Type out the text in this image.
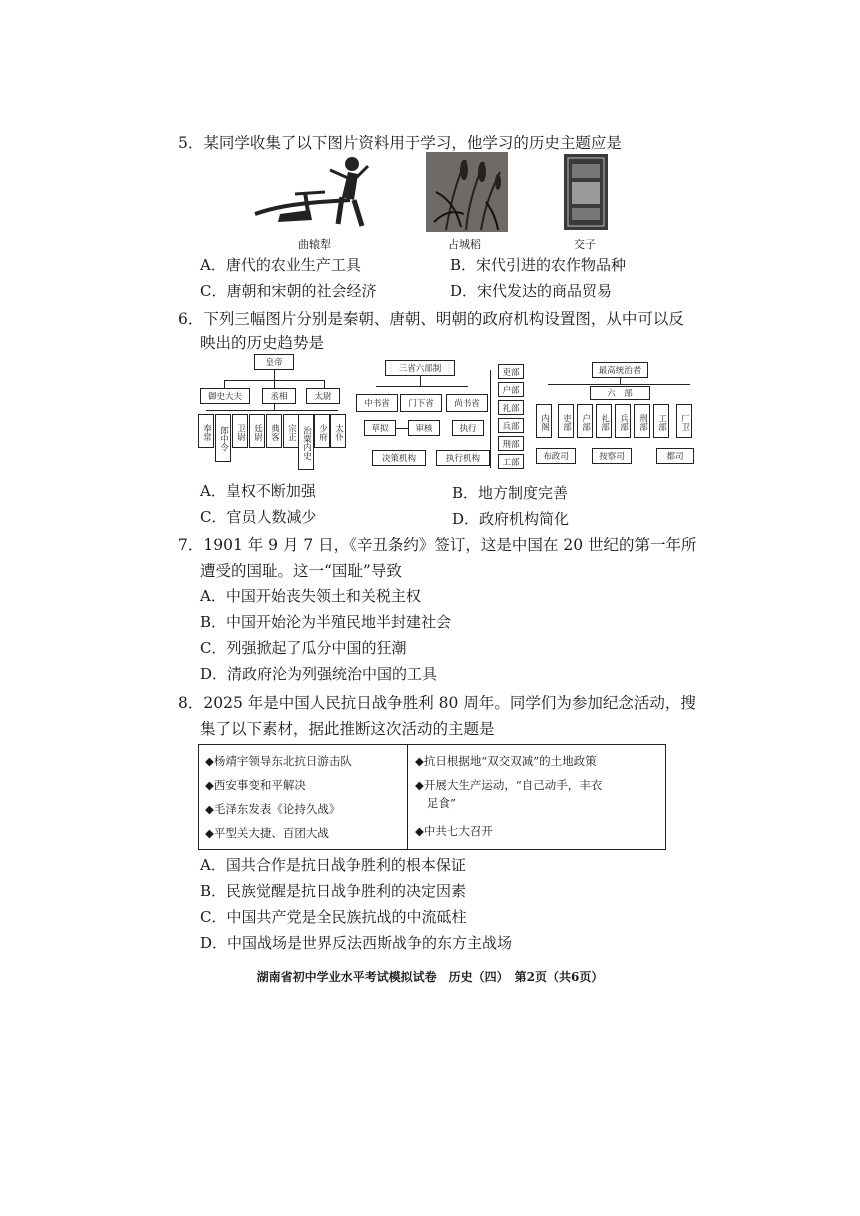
5．某同学收集了以下图片资料用于学习，他学习的历史主题应是
曲辕犁	占城稻	交子
A．唐代的农业生产工具	B．宋代引进的农作物品种
C．唐朝和宋朝的社会经济	D．宋代发达的商品贸易
6．下列三幅图片分别是秦朝、唐朝、明朝的政府机构设置图，从中可以反
映出的历史趋势是
皇帝
御史大夫	丞相	太尉
奉常 郎中令 卫尉 廷尉 典客 宗正 治粟内史 少府 太仆
三省六部制
中书省	门下省	尚书省
草拟	审核	执行
决策机构	执行机构
吏部
户部
礼部
兵部
刑部
工部
最高统治者
六　部
内阁	吏部	户部	礼部	兵部	刑部	工部	厂卫
布政司	按察司	都司
A．皇权不断加强	B．地方制度完善
C．官员人数减少	D．政府机构简化
7．1901 年 9 月 7 日，《辛丑条约》签订，这是中国在 20 世纪的第一年所
遭受的国耻。这一“国耻”导致
A．中国开始丧失领土和关税主权
B．中国开始沦为半殖民地半封建社会
C．列强掀起了瓜分中国的狂潮
D．清政府沦为列强统治中国的工具
8．2025 年是中国人民抗日战争胜利 80 周年。同学们为参加纪念活动，搜
集了以下素材，据此推断这次活动的主题是
◆杨靖宇领导东北抗日游击队
◆西安事变和平解决
◆毛泽东发表《论持久战》
◆平型关大捷、百团大战
◆抗日根据地“双交双减”的土地政策
◆开展大生产运动，“自己动手，丰衣
足食”
◆中共七大召开
A．国共合作是抗日战争胜利的根本保证
B．民族觉醒是抗日战争胜利的决定因素
C．中国共产党是全民族抗战的中流砥柱
D．中国战场是世界反法西斯战争的东方主战场
湖南省初中学业水平考试模拟试卷　历史（四）　第2页（共6页）
